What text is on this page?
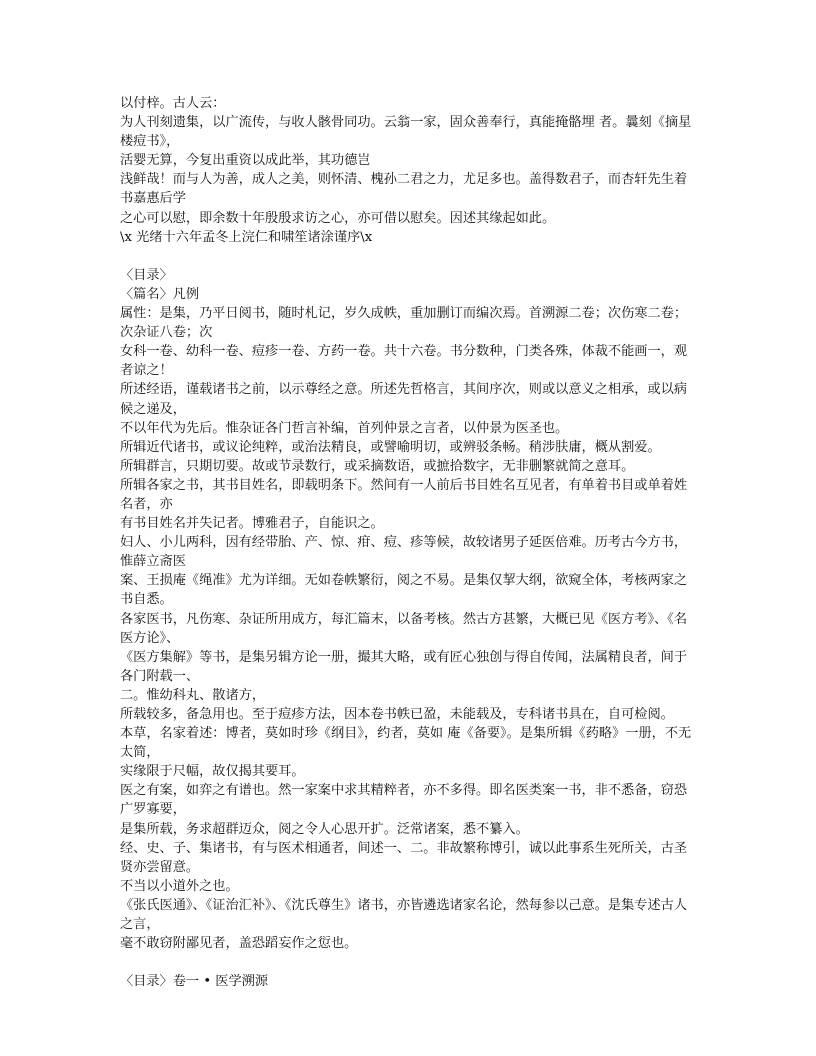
以付梓。古人云：

为人刊刻遗集，以广流传，与收人骸骨同功。云翁一家，固众善奉行，真能掩骼埋 者。曩刻《摘星楼痘书》，

活婴无算，今复出重资以成此举，其功德岂

浅鲜哉！而与人为善，成人之美，则怀清、槐孙二君之力，尤足多也。盖得数君子，而杏轩先生着书嘉惠后学

之心可以慰，即余数十年殷殷求访之心，亦可借以慰矣。因述其缘起如此。

\x 光绪十六年孟冬上浣仁和啸笙诸涂谨序\x

〈目录〉

〈篇名〉凡例

属性：是集，乃平日阅书，随时札记，岁久成帙，重加删订而编次焉。首溯源二卷；次伤寒二卷；次杂证八卷；次

女科一卷、幼科一卷、痘疹一卷、方药一卷。共十六卷。书分数种，门类各殊，体裁不能画一，观者谅之！

所述经语，谨载诸书之前，以示尊经之意。所述先哲格言，其间序次，则或以意义之相承，或以病候之递及，

不以年代为先后。惟杂证各门哲言补编，首列仲景之言者，以仲景为医圣也。

所辑近代诸书，或议论纯粹，或治法精良，或譬喻明切，或辨驳条畅。稍涉肤庸，概从割爱。

所辑群言，只期切要。故或节录数行，或采摘数语，或摭拾数字，无非删繁就简之意耳。

所辑各家之书，其书目姓名，即载明条下。然间有一人前后书目姓名互见者，有单着书目或单着姓名者，亦

有书目姓名并失记者。博雅君子，自能识之。

妇人、小儿两科，因有经带胎、产、惊、疳、痘、疹等候，故较诸男子延医倍难。历考古今方书，惟薛立斋医

案、王损庵《绳准》尤为详细。无如卷帙繁衍，阅之不易。是集仅挈大纲，欲窥全体，考核两家之书自悉。

各家医书，凡伤寒、杂证所用成方，每汇篇末，以备考核。然古方甚繁，大概已见《医方考》、《名医方论》、

《医方集解》等书，是集另辑方论一册，撮其大略，或有匠心独创与得自传闻，法属精良者，间于各门附载一、

二。惟幼科丸、散诸方，

所载较多，备急用也。至于痘疹方法，因本卷书帙已盈，未能载及，专科诸书具在，自可检阅。

本草，名家着述：博者，莫如时珍《纲目》，约者，莫如 庵《备要》。是集所辑《药略》一册，不无太简，

实缘限于尺幅，故仅揭其要耳。

医之有案，如弈之有谱也。然一家案中求其精粹者，亦不多得。即名医类案一书，非不悉备，窃恐广罗寡要，

是集所载，务求超群迈众，阅之令人心思开扩。泛常诸案，悉不纂入。

经、史、子、集诸书，有与医术相通者，间述一、二。非故繁称博引，诚以此事系生死所关，古圣贤亦尝留意。

不当以小道外之也。

《张氏医通》、《证治汇补》、《沈氏尊生》诸书，亦皆遴选诸家名论，然每参以己意。是集专述古人之言，

毫不敢窃附鄙见者，盖恐蹈妄作之愆也。

〈目录〉卷一 • 医学溯源
